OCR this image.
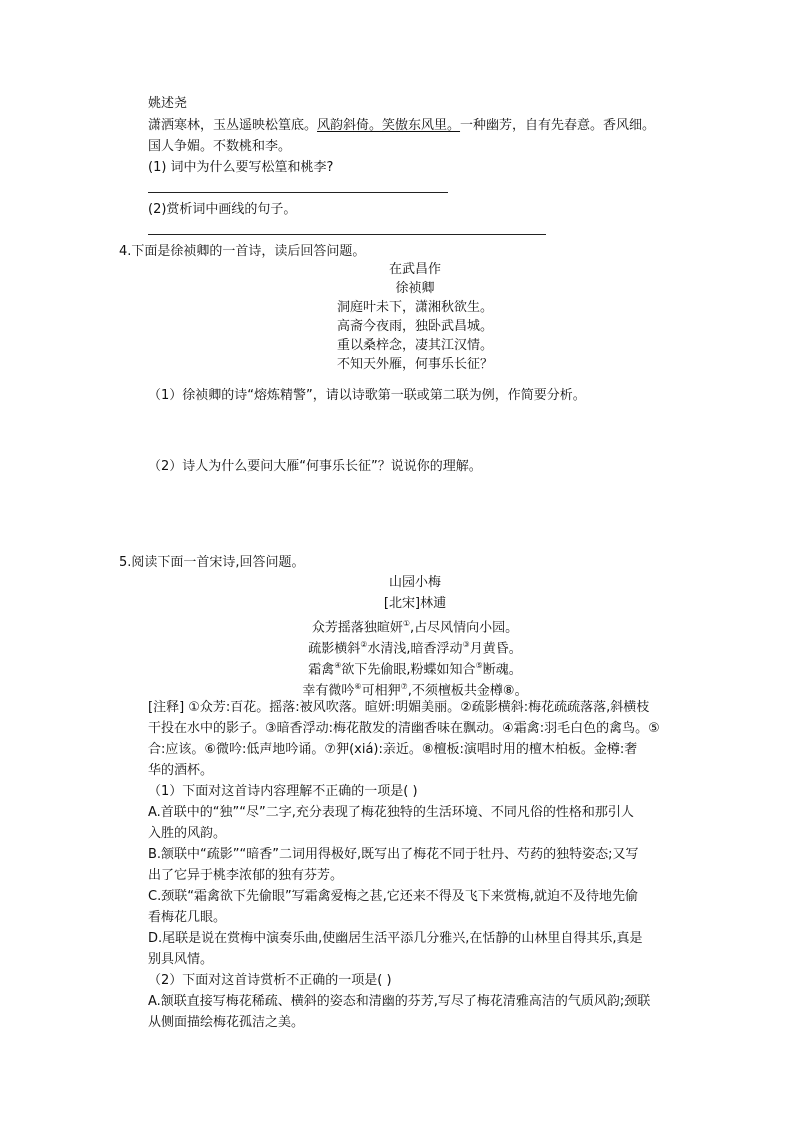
姚述尧
潇洒寒林，玉丛遥映松篁底。风韵斜倚。笑傲东风里。一种幽芳，自有先春意。香风细。
国人争媚。不数桃和李。
(1) 词中为什么要写松篁和桃李?
(2)赏析词中画线的句子。
4.下面是徐祯卿的一首诗，读后回答问题。
在武昌作
徐祯卿
洞庭叶未下，潇湘秋欲生。
高斋今夜雨，独卧武昌城。
重以桑梓念，凄其江汉情。
不知天外雁，何事乐长征？
（1）徐祯卿的诗“熔炼精警”，请以诗歌第一联或第二联为例，作简要分析。
（2）诗人为什么要问大雁“何事乐长征”？说说你的理解。
5.阅读下面一首宋诗,回答问题。
山园小梅
[北宋]林逋
众芳摇落独暄妍①,占尽风情向小园。
疏影横斜②水清浅,暗香浮动③月黄昏。
霜禽④欲下先偷眼,粉蝶如知合⑤断魂。
幸有微吟⑥可相狎⑦,不须檀板共金樽⑧。
[注释] ①众芳:百花。摇落:被风吹落。暄妍:明媚美丽。②疏影横斜:梅花疏疏落落,斜横枝
干投在水中的影子。③暗香浮动:梅花散发的清幽香味在飘动。④霜禽:羽毛白色的禽鸟。⑤
合:应该。⑥微吟:低声地吟诵。⑦狎(xiá):亲近。⑧檀板:演唱时用的檀木柏板。金樽:奢
华的酒杯。
（1）下面对这首诗内容理解不正确的一项是( )
A.首联中的“独”“尽”二字,充分表现了梅花独特的生活环境、不同凡俗的性格和那引人
入胜的风韵。
B.颔联中“疏影”“暗香”二词用得极好,既写出了梅花不同于牡丹、芍药的独特姿态;又写
出了它异于桃李浓郁的独有芬芳。
C.颈联“霜禽欲下先偷眼”写霜禽爱梅之甚,它还来不得及飞下来赏梅,就迫不及待地先偷
看梅花几眼。
D.尾联是说在赏梅中演奏乐曲,使幽居生活平添几分雅兴,在恬静的山林里自得其乐,真是
别具风情。
（2）下面对这首诗赏析不正确的一项是( )
A.颔联直接写梅花稀疏、横斜的姿态和清幽的芬芳,写尽了梅花清雅高洁的气质风韵;颈联
从侧面描绘梅花孤洁之美。
